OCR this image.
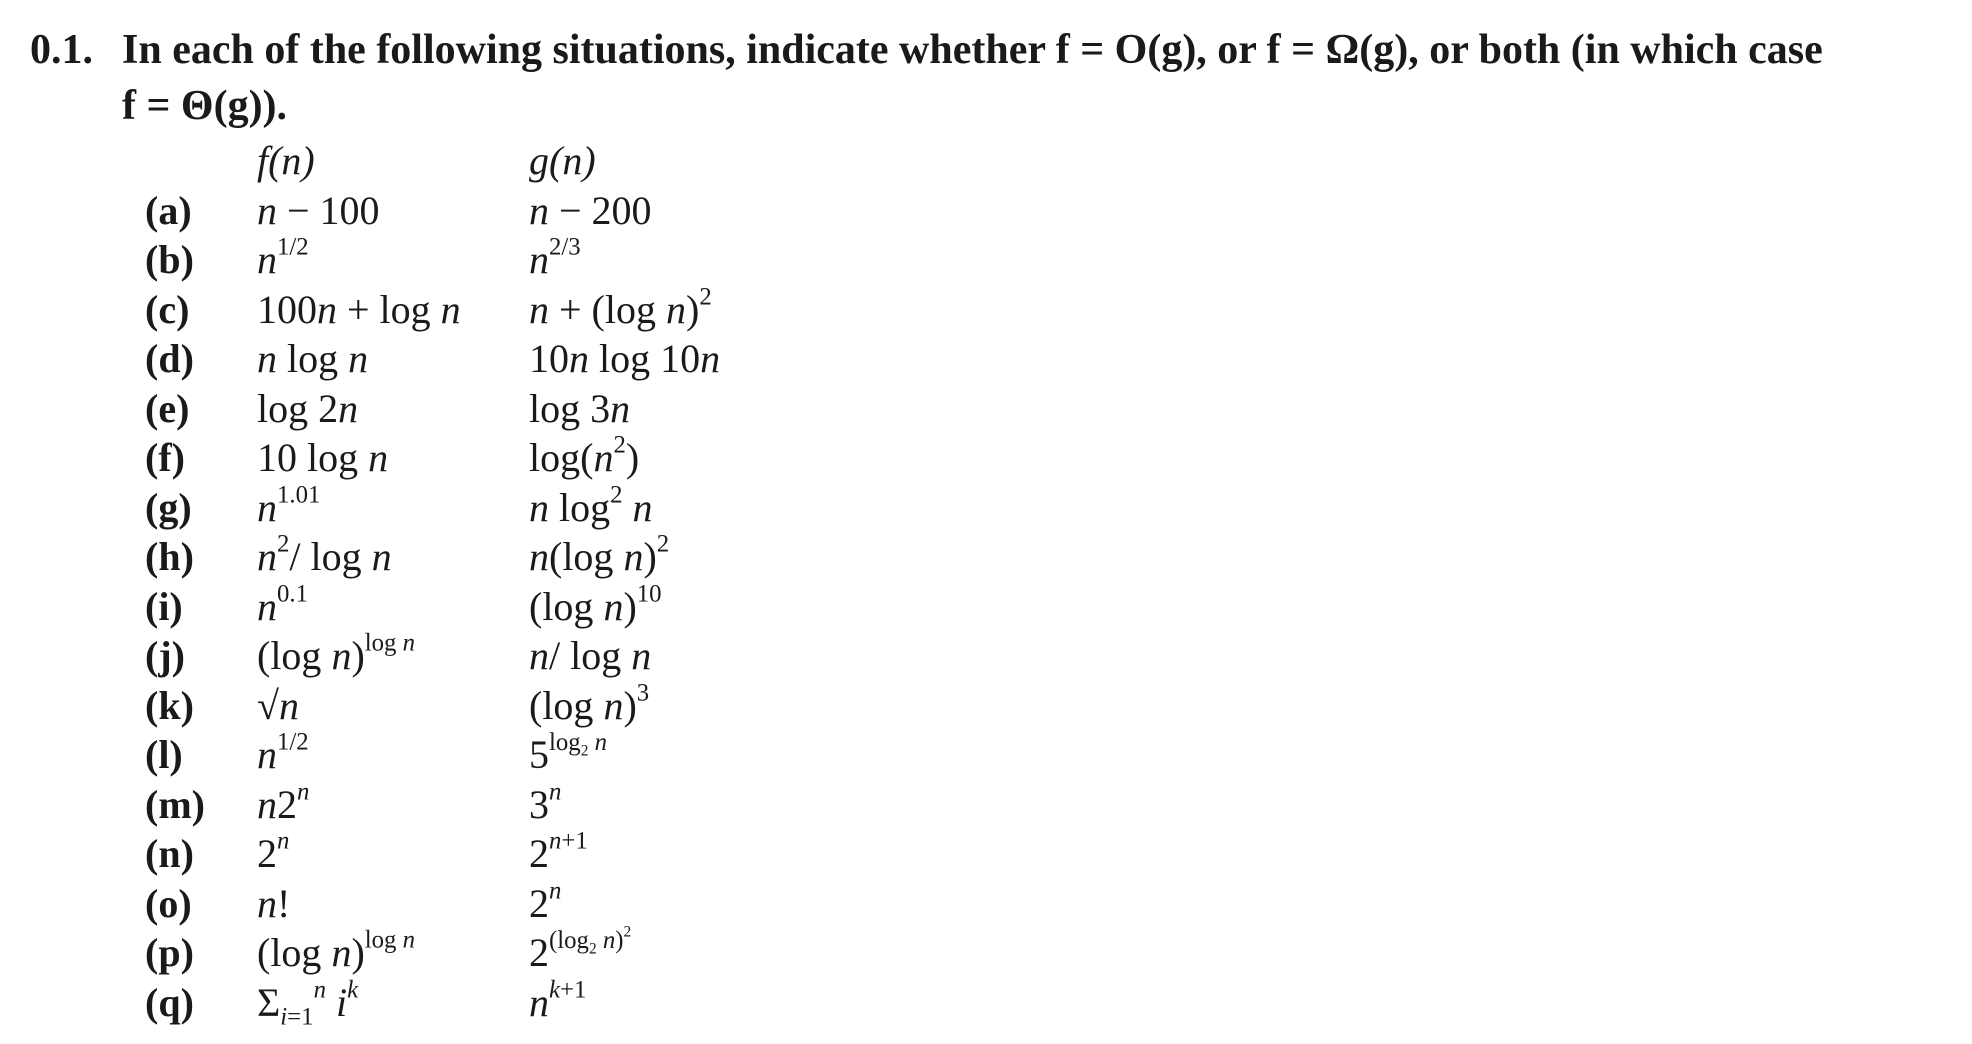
0.1. In each of the following situations, indicate whether f = O(g), or f = Ω(g), or both (in which case
f = Θ(g)).
	f(n)	g(n)
(a)	n − 100	n − 200
(b)	$n^{1/2}$	$n^{2/3}$
(c)	100n + log n	n + (log n)$^2$
(d)	n log n	10n log 10n
(e)	log 2n	log 3n
(f)	10 log n	$\log(n^2)$
(g)	$n^{1.01}$	n $\log^2 n$
(h)	$n^2/$ log n	n(log n)$^2$
(i)	$n^{0.1}$	(log n)$^{10}$
(j)	(log n)$^{log n}$	n/ log n
(k)	√n	(log n)$^3$
(l)	$n^{1/2}$	$5^{log_2 n}$
(m)	n2$^n$	3$^n$
(n)	2$^n$	$2^{n+1}$
(o)	n!	2$^n$
(p)	(log n)$^{log n}$	$2^{(log_2 n)^2}$
(q)	$\Sigma_{i=1}^n$ $i^k$	$n^{k+1}$
